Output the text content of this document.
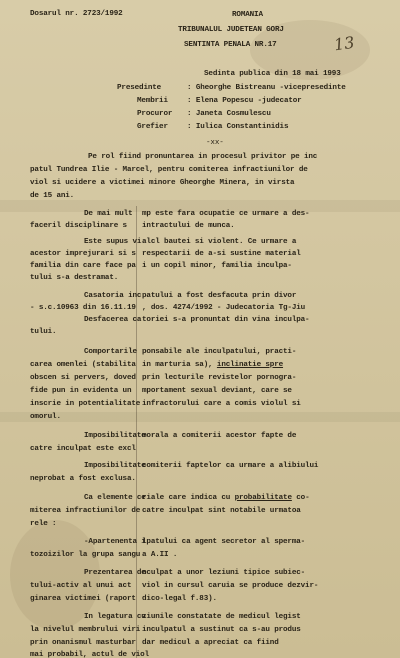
Dosarul nr. 2723/1992	ROMANIA
TRIBUNALUL JUDETEAN GORJ
SENTINTA PENALA NR.17	13
Sedinta publica din 18 mai 1993
Presedinte	: Gheorghe Bistreanu -vicepresedinte
Membrii	: Elena Popescu -judecator
Procuror : Janeta Cosmulescu
Grefier	: Iulica Constantinidis
-xx-
Pe rol fiind pronuntarea in procesul privitor pe inc
patul Tundrea Ilie - Marcel, pentru comiterea infractiunilor de
viol si ucidere a victimei minore Gheorghe Minera, in virsta
de 15 ani.
De mai mult mp este fara ocupatie ce urmare a des-
faceril disciplinare s intractului de munca.
Este supus vi alcl bautei si violent. Ce urmare a
acestor imprejurari si s respectarii de a-si sustine material
familia din care face pa i un copil minor, familia inculpa-
tului s-a destramat.
Casatoria inc patului a fost desfacuta prin divor
- s.c.10963 din 16.11.19 , dos. 4274/1992 - Judecatoria Tg-Jiu
Desfacerea ca toriei s-a pronuntat din vina inculpa-
tului.
Comportarile ponsabile ale inculpatului, practi-
carea omenlei (stabilita in marturia sa), inclinatie spre
obscen si pervers, doved prin lecturile revistelor pornogra-
fide pun in evidenta un mportament sexual deviant, care se
inscrie in potentialitate infractorului care a comis violul si
omorul.
Imposibilitate
morala a comiterii acestor fapte de
catre inculpat este excl
Imposibilitate
comiterii faptelor ca urmare a alibiului
neprobat a fost exclusa.
Ca elemente ce
riale care indica cu probabilitate co-
miterea infractiunilor de catre inculpat sint notabile urmatoa
rele :
-Apartenenta i
lpatului ca agent secretor al sperma-
tozoizilor la grupa sangu a A.II .
Prezentarea de
nculpat a unor leziuni tipice subiec-
tului-activ al unui act viol in cursul caruia se produce dezvir-
ginarea victimei (raport dico-legal f.83).
In legatura cu
ziunile constatate de medicul legist
la nivelul membrului viri inculpatul a sustinut ca s-au produs
prin onanismul masturbar dar medicul a apreciat ca fiind
mai probabil, actul de viol
